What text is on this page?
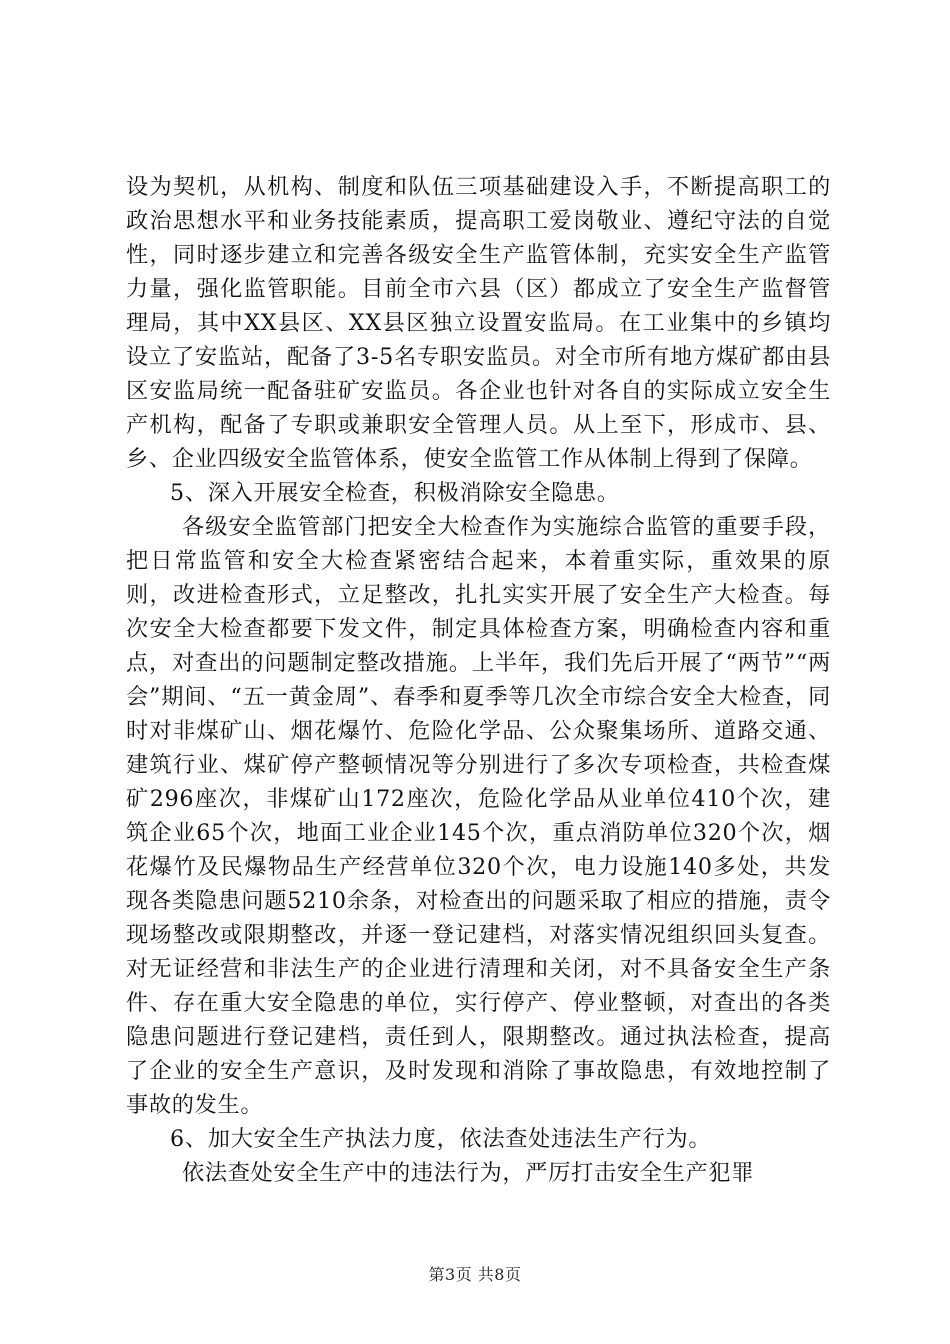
设为契机，从机构、制度和队伍三项基础建设入手，不断提高职工的政治思想水平和业务技能素质，提高职工爱岗敬业、遵纪守法的自觉性，同时逐步建立和完善各级安全生产监管体制，充实安全生产监管力量，强化监管职能。目前全市六县（区）都成立了安全生产监督管理局，其中XX县区、XX县区独立设置安监局。在工业集中的乡镇均设立了安监站，配备了3-5名专职安监员。对全市所有地方煤矿都由县区安监局统一配备驻矿安监员。各企业也针对各自的实际成立安全生产机构，配备了专职或兼职安全管理人员。从上至下，形成市、县、乡、企业四级安全监管体系，使安全监管工作从体制上得到了保障。

5、深入开展安全检查，积极消除安全隐患。

各级安全监管部门把安全大检查作为实施综合监管的重要手段，把日常监管和安全大检查紧密结合起来，本着重实际，重效果的原则，改进检查形式，立足整改，扎扎实实开展了安全生产大检查。每次安全大检查都要下发文件，制定具体检查方案，明确检查内容和重点，对查出的问题制定整改措施。上半年，我们先后开展了“两节”“两会”期间、“五一黄金周”、春季和夏季等几次全市综合安全大检查，同时对非煤矿山、烟花爆竹、危险化学品、公众聚集场所、道路交通、建筑行业、煤矿停产整顿情况等分别进行了多次专项检查，共检查煤矿296座次，非煤矿山172座次，危险化学品从业单位410个次，建筑企业65个次，地面工业企业145个次，重点消防单位320个次，烟花爆竹及民爆物品生产经营单位320个次，电力设施140多处，共发现各类隐患问题5210余条，对检查出的问题采取了相应的措施，责令现场整改或限期整改，并逐一登记建档，对落实情况组织回头复查。对无证经营和非法生产的企业进行清理和关闭，对不具备安全生产条件、存在重大安全隐患的单位，实行停产、停业整顿，对查出的各类隐患问题进行登记建档，责任到人，限期整改。通过执法检查，提高了企业的安全生产意识，及时发现和消除了事故隐患，有效地控制了事故的发生。

6、加大安全生产执法力度，依法查处违法生产行为。

依法查处安全生产中的违法行为，严厉打击安全生产犯罪

第3页 共8页
